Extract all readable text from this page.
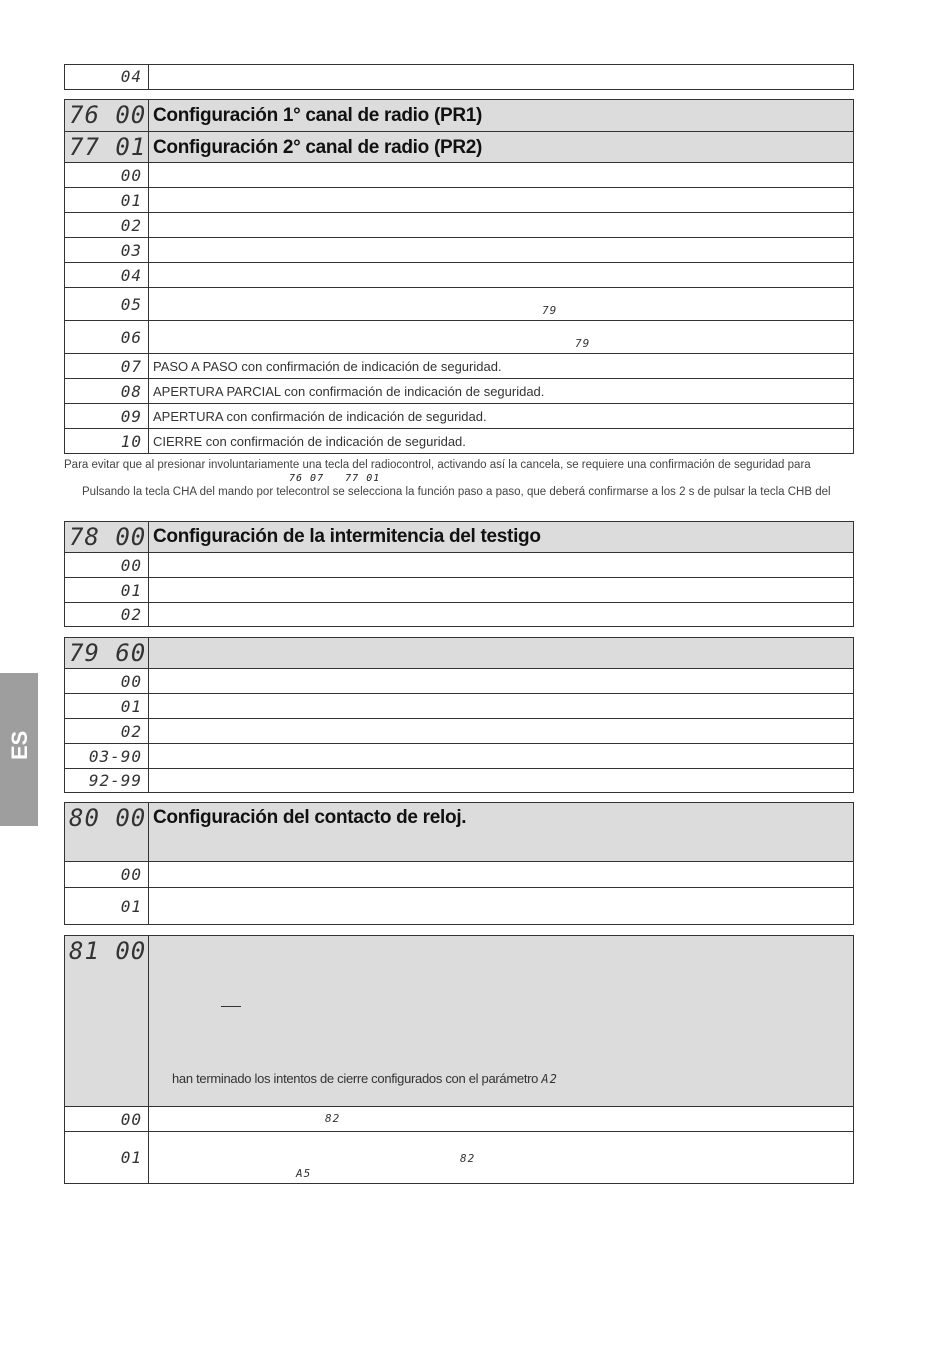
04
76 00 Configuración 1° canal de radio (PR1)
77 01 Configuración 2° canal de radio (PR2)
00
01
02
03
04
05	79
06	79
07 PASO A PASO con confirmación de indicación de seguridad.
08 APERTURA PARCIAL con confirmación de indicación de seguridad.
09 APERTURA con confirmación de indicación de seguridad.
10 CIERRE con confirmación de indicación de seguridad.
Para evitar que al presionar involuntariamente una tecla del radiocontrol, activando así la cancela, se requiere una confirmación de seguridad para
76 07   77 01
Pulsando la tecla CHA del mando por telecontrol se selecciona la función paso a paso, que deberá confirmarse a los 2 s de pulsar la tecla CHB del
78 00 Configuración de la intermitencia del testigo
00
01
02
79 60
00
01
02
03-90
92-99
80 00 Configuración del contacto de reloj.
00
01
81 00
han terminado los intentos de cierre configurados con el parámetro A2
00	82
01	82
A5
ES
